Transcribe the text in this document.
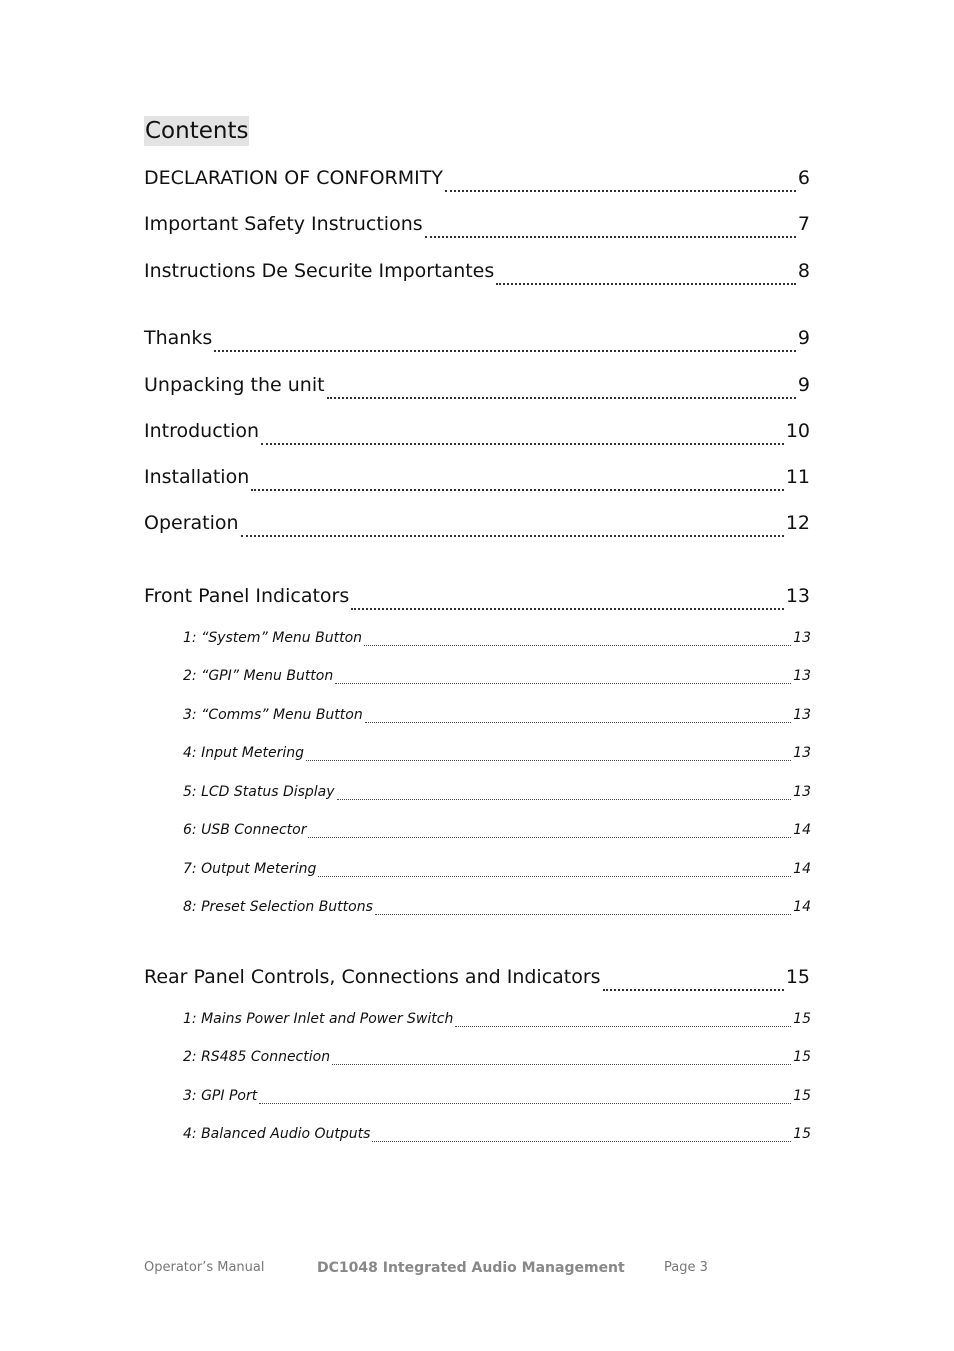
Contents
DECLARATION OF CONFORMITY	6
Important Safety Instructions	7
Instructions De Securite Importantes	8
Thanks	9
Unpacking the unit	9
Introduction	10
Installation	11
Operation	12
Front Panel Indicators	13
1: “System” Menu Button	13
2: “GPI” Menu Button	13
3: “Comms” Menu Button	13
4: Input Metering	13
5: LCD Status Display	13
6: USB Connector	14
7: Output Metering	14
8: Preset Selection Buttons	14
Rear Panel Controls, Connections and Indicators	15
1: Mains Power Inlet and Power Switch	15
2: RS485 Connection	15
3: GPI Port	15
4: Balanced Audio Outputs	15
Operator’s Manual	DC1048 Integrated Audio Management	Page 3
